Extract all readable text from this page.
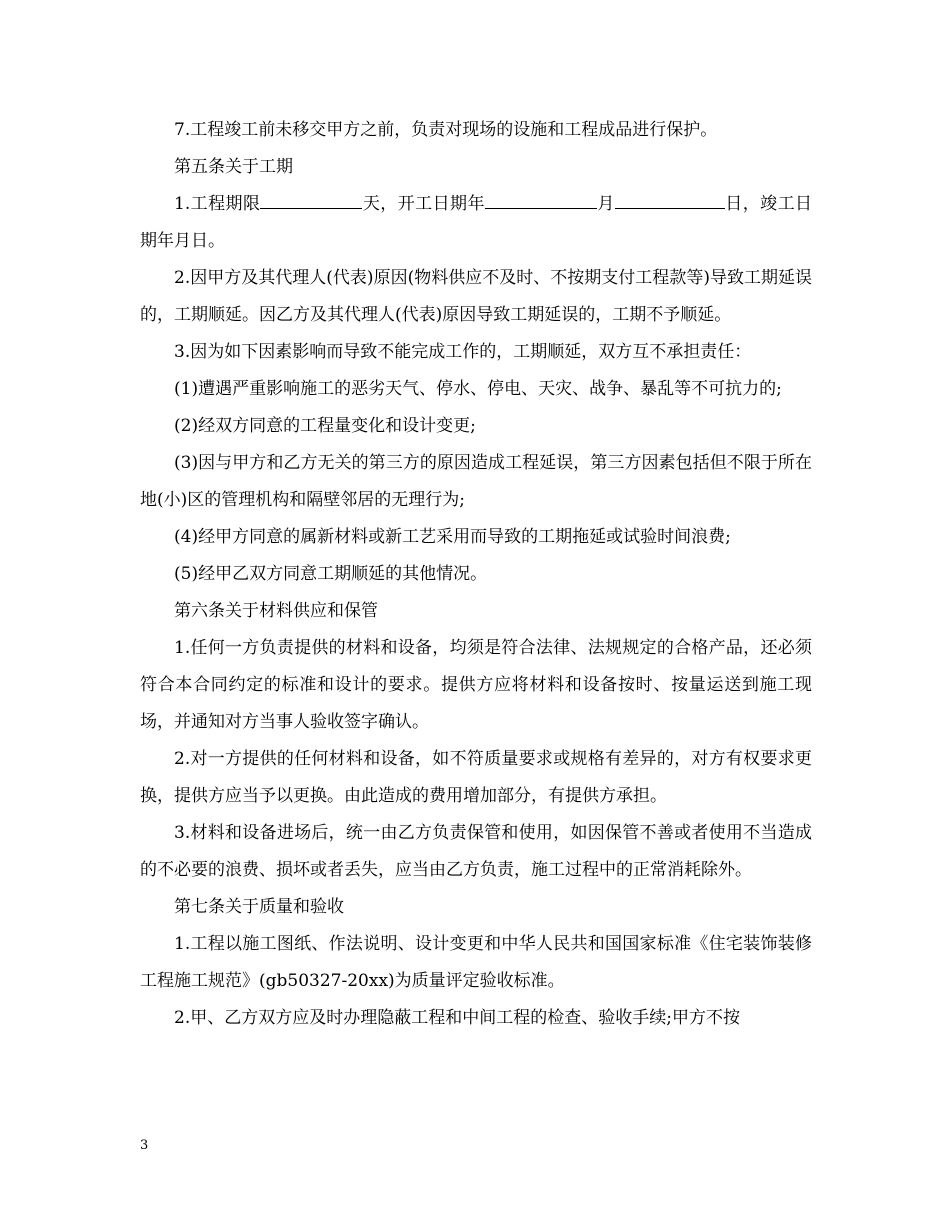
7.工程竣工前未移交甲方之前，负责对现场的设施和工程成品进行保护。

第五条关于工期

1.工程期限	天，开工日期年	月	日，竣工日期年月日。

2.因甲方及其代理人(代表)原因(物料供应不及时、不按期支付工程款等)导致工期延误的，工期顺延。因乙方及其代理人(代表)原因导致工期延误的，工期不予顺延。

3.因为如下因素影响而导致不能完成工作的，工期顺延，双方互不承担责任：

(1)遭遇严重影响施工的恶劣天气、停水、停电、天灾、战争、暴乱等不可抗力的;

(2)经双方同意的工程量变化和设计变更;

(3)因与甲方和乙方无关的第三方的原因造成工程延误，第三方因素包括但不限于所在地(小)区的管理机构和隔壁邻居的无理行为;

(4)经甲方同意的属新材料或新工艺采用而导致的工期拖延或试验时间浪费;

(5)经甲乙双方同意工期顺延的其他情况。

第六条关于材料供应和保管

1.任何一方负责提供的材料和设备，均须是符合法律、法规规定的合格产品，还必须符合本合同约定的标准和设计的要求。提供方应将材料和设备按时、按量运送到施工现场，并通知对方当事人验收签字确认。

2.对一方提供的任何材料和设备，如不符质量要求或规格有差异的，对方有权要求更换，提供方应当予以更换。由此造成的费用增加部分，有提供方承担。

3.材料和设备进场后，统一由乙方负责保管和使用，如因保管不善或者使用不当造成的不必要的浪费、损坏或者丢失，应当由乙方负责，施工过程中的正常消耗除外。

第七条关于质量和验收

1.工程以施工图纸、作法说明、设计变更和中华人民共和国国家标准《住宅装饰装修工程施工规范》(gb50327-20xx)为质量评定验收标准。

2.甲、乙方双方应及时办理隐蔽工程和中间工程的检查、验收手续;甲方不按

3
